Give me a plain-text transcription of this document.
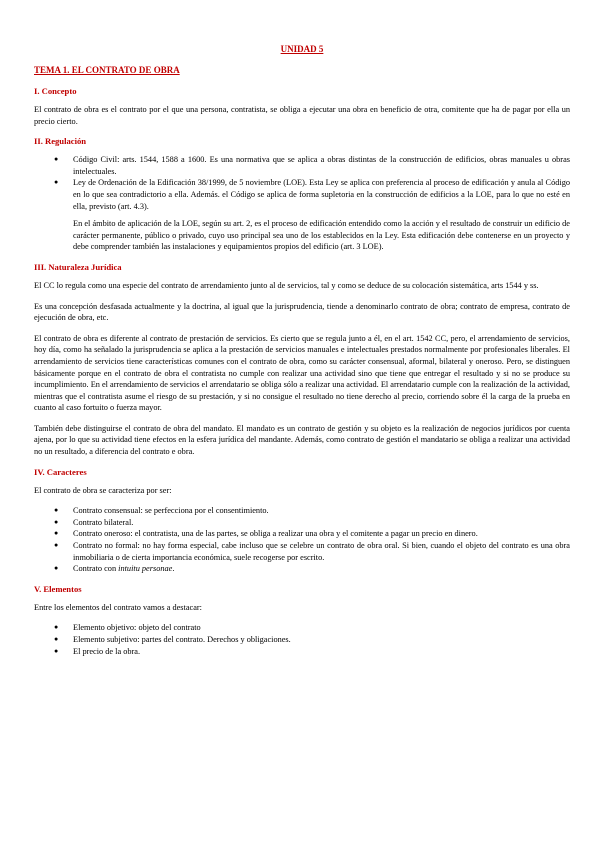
UNIDAD 5
TEMA 1. EL CONTRATO DE OBRA
I. Concepto

El contrato de obra es el contrato por el que una persona, contratista, se obliga a ejecutar una obra en beneficio de otra, comitente que ha de pagar por ella un precio cierto.

II. Regulación
● Código Civil: arts. 1544, 1588 a 1600. Es una normativa que se aplica a obras distintas de la construcción de edificios, obras manuales u obras intelectuales.
● Ley de Ordenación de la Edificación 38/1999, de 5 noviembre (LOE). Esta Ley se aplica con preferencia al proceso de edificación y anula al Código en lo que sea contradictorio a ella. Además. el Código se aplica de forma supletoria en la construcción de edificios a la LOE, para lo que no esté en ella, previsto (art. 4.3).

En el ámbito de aplicación de la LOE, según su art. 2, es el proceso de edificación entendido como la acción y el resultado de construir un edificio de carácter permanente, público o privado, cuyo uso principal sea uno de los establecidos en la Ley. Esta edificación debe contenerse en un proyecto y debe comprender también las instalaciones y equipamientos propios del edificio (art. 3 LOE).

III. Naturaleza Jurídica

El CC lo regula como una especie del contrato de arrendamiento junto al de servicios, tal y como se deduce de su colocación sistemática, arts 1544 y ss.

Es una concepción desfasada actualmente y la doctrina, al igual que la jurisprudencia, tiende a denominarlo contrato de obra; contrato de empresa, contrato de ejecución de obra, etc.

El contrato de obra es diferente al contrato de prestación de servicios. Es cierto que se regula junto a él, en el art. 1542 CC, pero, el arrendamiento de servicios, hoy día, como ha señalado la jurisprudencia se aplica a la prestación de servicios manuales e intelectuales prestados normalmente por profesionales liberales. El arrendamiento de servicios tiene características comunes con el contrato de obra, como su carácter consensual, aformal, bilateral y oneroso. Pero, se distinguen básicamente porque en el contrato de obra el contratista no cumple con realizar una actividad sino que tiene que entregar el resultado y si no se produce su incumplimiento. En el arrendamiento de servicios el arrendatario se obliga sólo a realizar una actividad. El arrendatario cumple con la realización de la actividad, mientras que el contratista asume el riesgo de su prestación, y si no consigue el resultado no tiene derecho al precio, corriendo sobre él la carga de la prueba en cuanto al caso fortuito o fuerza mayor.

También debe distinguirse el contrato de obra del mandato. El mandato es un contrato de gestión y su objeto es la realización de negocios jurídicos por cuenta ajena, por lo que su actividad tiene efectos en la esfera jurídica del mandante. Además, como contrato de gestión el mandatario se obliga a realizar una actividad no un resultado, a diferencia del contrato e obra.

IV. Caracteres

El contrato de obra se caracteriza por ser:

● Contrato consensual: se perfecciona por el consentimiento.
● Contrato bilateral.
● Contrato oneroso: el contratista, una de las partes, se obliga a realizar una obra y el comitente a pagar un precio en dinero.
● Contrato no formal: no hay forma especial, cabe incluso que se celebre un contrato de obra oral. Si bien, cuando el objeto del contrato es una obra inmobiliaria o de cierta importancia económica, suele recogerse por escrito.
● Contrato con intuitu personae.
V. Elementos

Entre los elementos del contrato vamos a destacar:

● Elemento objetivo: objeto del contrato
● Elemento subjetivo: partes del contrato. Derechos y obligaciones.
● El precio de la obra.
